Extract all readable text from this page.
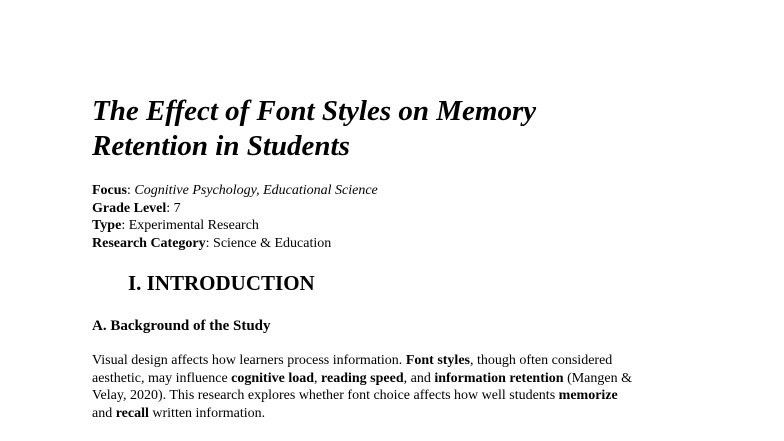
The Effect of Font Styles on Memory
Retention in Students
Focus: Cognitive Psychology, Educational Science
Grade Level: 7
Type: Experimental Research
Research Category: Science & Education
I. INTRODUCTION
A. Background of the Study

Visual design affects how learners process information. Font styles, though often considered
aesthetic, may influence cognitive load, reading speed, and information retention (Mangen &
Velay, 2020). This research explores whether font choice affects how well students memorize
and recall written information.
